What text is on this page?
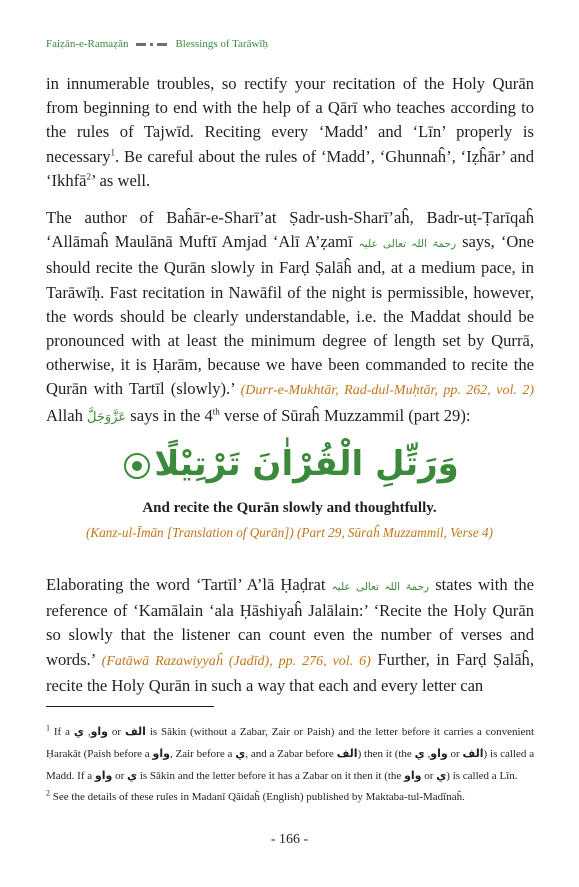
Faiẓān-e-Ramaẓān	Blessings of Tarāwīḥ

in innumerable troubles, so rectify your recitation of the Holy Qurān from beginning to end with the help of a Qārī who teaches according to the rules of Tajwīd. Reciting every ‘Madd’ and ‘Līn’ properly is necessary$^1$. Be careful about the rules of ‘Madd’, ‘Ghunnaĥ’, ‘Iẓĥār’ and ‘Ikhfā$^2$’ as well.

The author of Baĥār-e-Sharī’at Ṣadr-ush-Sharī’aĥ, Badr-uṭ-Ṭarīqaĥ ‘Allāmaĥ Maulānā Muftī Amjad ‘Alī A’ẓamī رحمۃ اللہ تعالی علیہ says, ‘One should recite the Qurān slowly in Farḍ Ṣalāĥ and, at a medium pace, in Tarāwīḥ. Fast recitation in Nawāfil of the night is permissible, however, the words should be clearly understandable, i.e. the Maddat should be pronounced with at least the minimum degree of length set by Qurrā, otherwise, it is Ḥarām, because we have been commanded to recite the Qurān with Tartīl (slowly).’ (Durr-e-Mukhtār, Rad-dul-Muḥtār, pp. 262, vol. 2) Allah عَزَّوَجَلَّ says in the 4th verse of Sūraĥ Muzzammil (part 29):

وَرَتِّلِ الْقُرْاٰنَ تَرْتِيْلًا
And recite the Qurān slowly and thoughtfully.
(Kanz-ul-Īmān [Translation of Qurān]) (Part 29, Sūraĥ Muzzammil, Verse 4)

Elaborating the word ‘Tartīl’ A’lā Ḥaḍrat رحمۃ اللہ تعالی علیہ states with the reference of ‘Kamālain ‘ala Ḥāshiyaĥ Jalālain:’ ‘Recite the Holy Qurān so slowly that the listener can count even the number of verses and words.’ (Fatāwā Razawiyyaĥ (Jadīd), pp. 276, vol. 6) Further, in Farḍ Ṣalāĥ, recite the Holy Qurān in such a way that each and every letter can

$^1$ If a واو, ي	or الف is Sākin (without a Zabar, Zair or Paish) and the letter before it carries a convenient Ḥarakāt (Paish before a واو, Zair before a ي, and a Zabar before الف) then it (the واو, ي or الف) is called a Madd. If a واو or ي is Sākin and the letter before it has a Zabar on it then it (the واو or ي) is called a Līn.

$^2$ See the details of these rules in Madanī Qāidaĥ (English) published by Maktaba-tul-Madīnaĥ.

- 166 -
